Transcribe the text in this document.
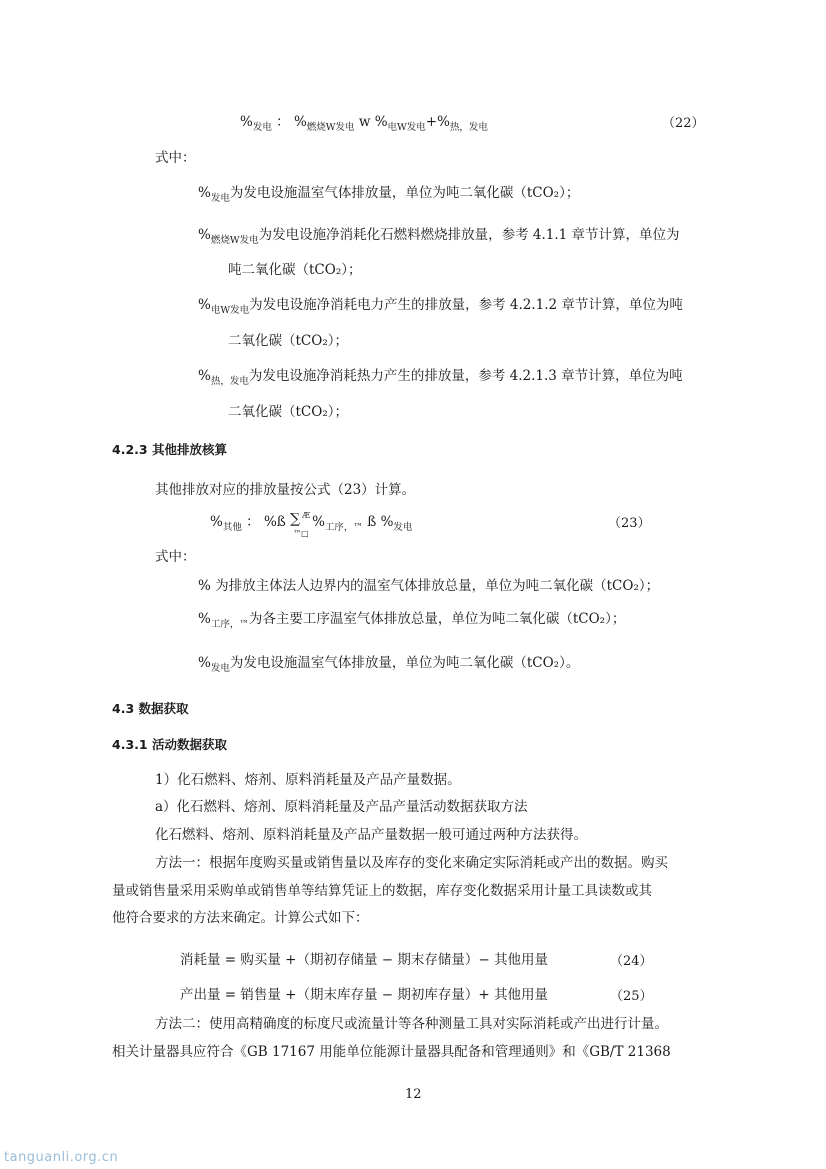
$\%_{发电}$ ： $\%_{燃烧W发电}$ w $\%_{电W发电}+\%_{热,发电}$	（22）
式中：
$\%_{发电}$为发电设施温室气体排放量，单位为吨二氧化碳（tCO₂）；
$\%_{燃烧W发电}$为发电设施净消耗化石燃料燃烧排放量，参考 4.1.1 章节计算，单位为
吨二氧化碳（tCO₂）；
$\%_{电W发电}$为发电设施净消耗电力产生的排放量，参考 4.2.1.2 章节计算，单位为吨
二氧化碳（tCO₂）；
$\%_{热,发电}$为发电设施净消耗热力产生的排放量，参考 4.2.1.3 章节计算，单位为吨
二氧化碳（tCO₂）；
4.2.3 其他排放核算
其他排放对应的排放量按公式（23）计算。
$\%_{其他}$ ： %ß ∑ Æ
™□
$\%_{工序,™}$ ß $\%_{发电}$	（23）
式中：
% 为排放主体法人边界内的温室气体排放总量，单位为吨二氧化碳（tCO₂）；
$\%_{工序,™}$为各主要工序温室气体排放总量，单位为吨二氧化碳（tCO₂）；
$\%_{发电}$为发电设施温室气体排放量，单位为吨二氧化碳（tCO₂）。
4.3 数据获取
4.3.1 活动数据获取
1）化石燃料、熔剂、原料消耗量及产品产量数据。
a）化石燃料、熔剂、原料消耗量及产品产量活动数据获取方法
化石燃料、熔剂、原料消耗量及产品产量数据一般可通过两种方法获得。
方法一：根据年度购买量或销售量以及库存的变化来确定实际消耗或产出的数据。购买
量或销售量采用采购单或销售单等结算凭证上的数据，库存变化数据采用计量工具读数或其
他符合要求的方法来确定。计算公式如下：
消耗量 = 购买量 +（期初存储量 − 期末存储量）− 其他用量	（24）
产出量 = 销售量 +（期末库存量 − 期初库存量）+ 其他用量	（25）
方法二：使用高精确度的标度尺或流量计等各种测量工具对实际消耗或产出进行计量。
相关计量器具应符合《GB 17167 用能单位能源计量器具配备和管理通则》和《GB/T 21368
12
tanguanli.org.cn
